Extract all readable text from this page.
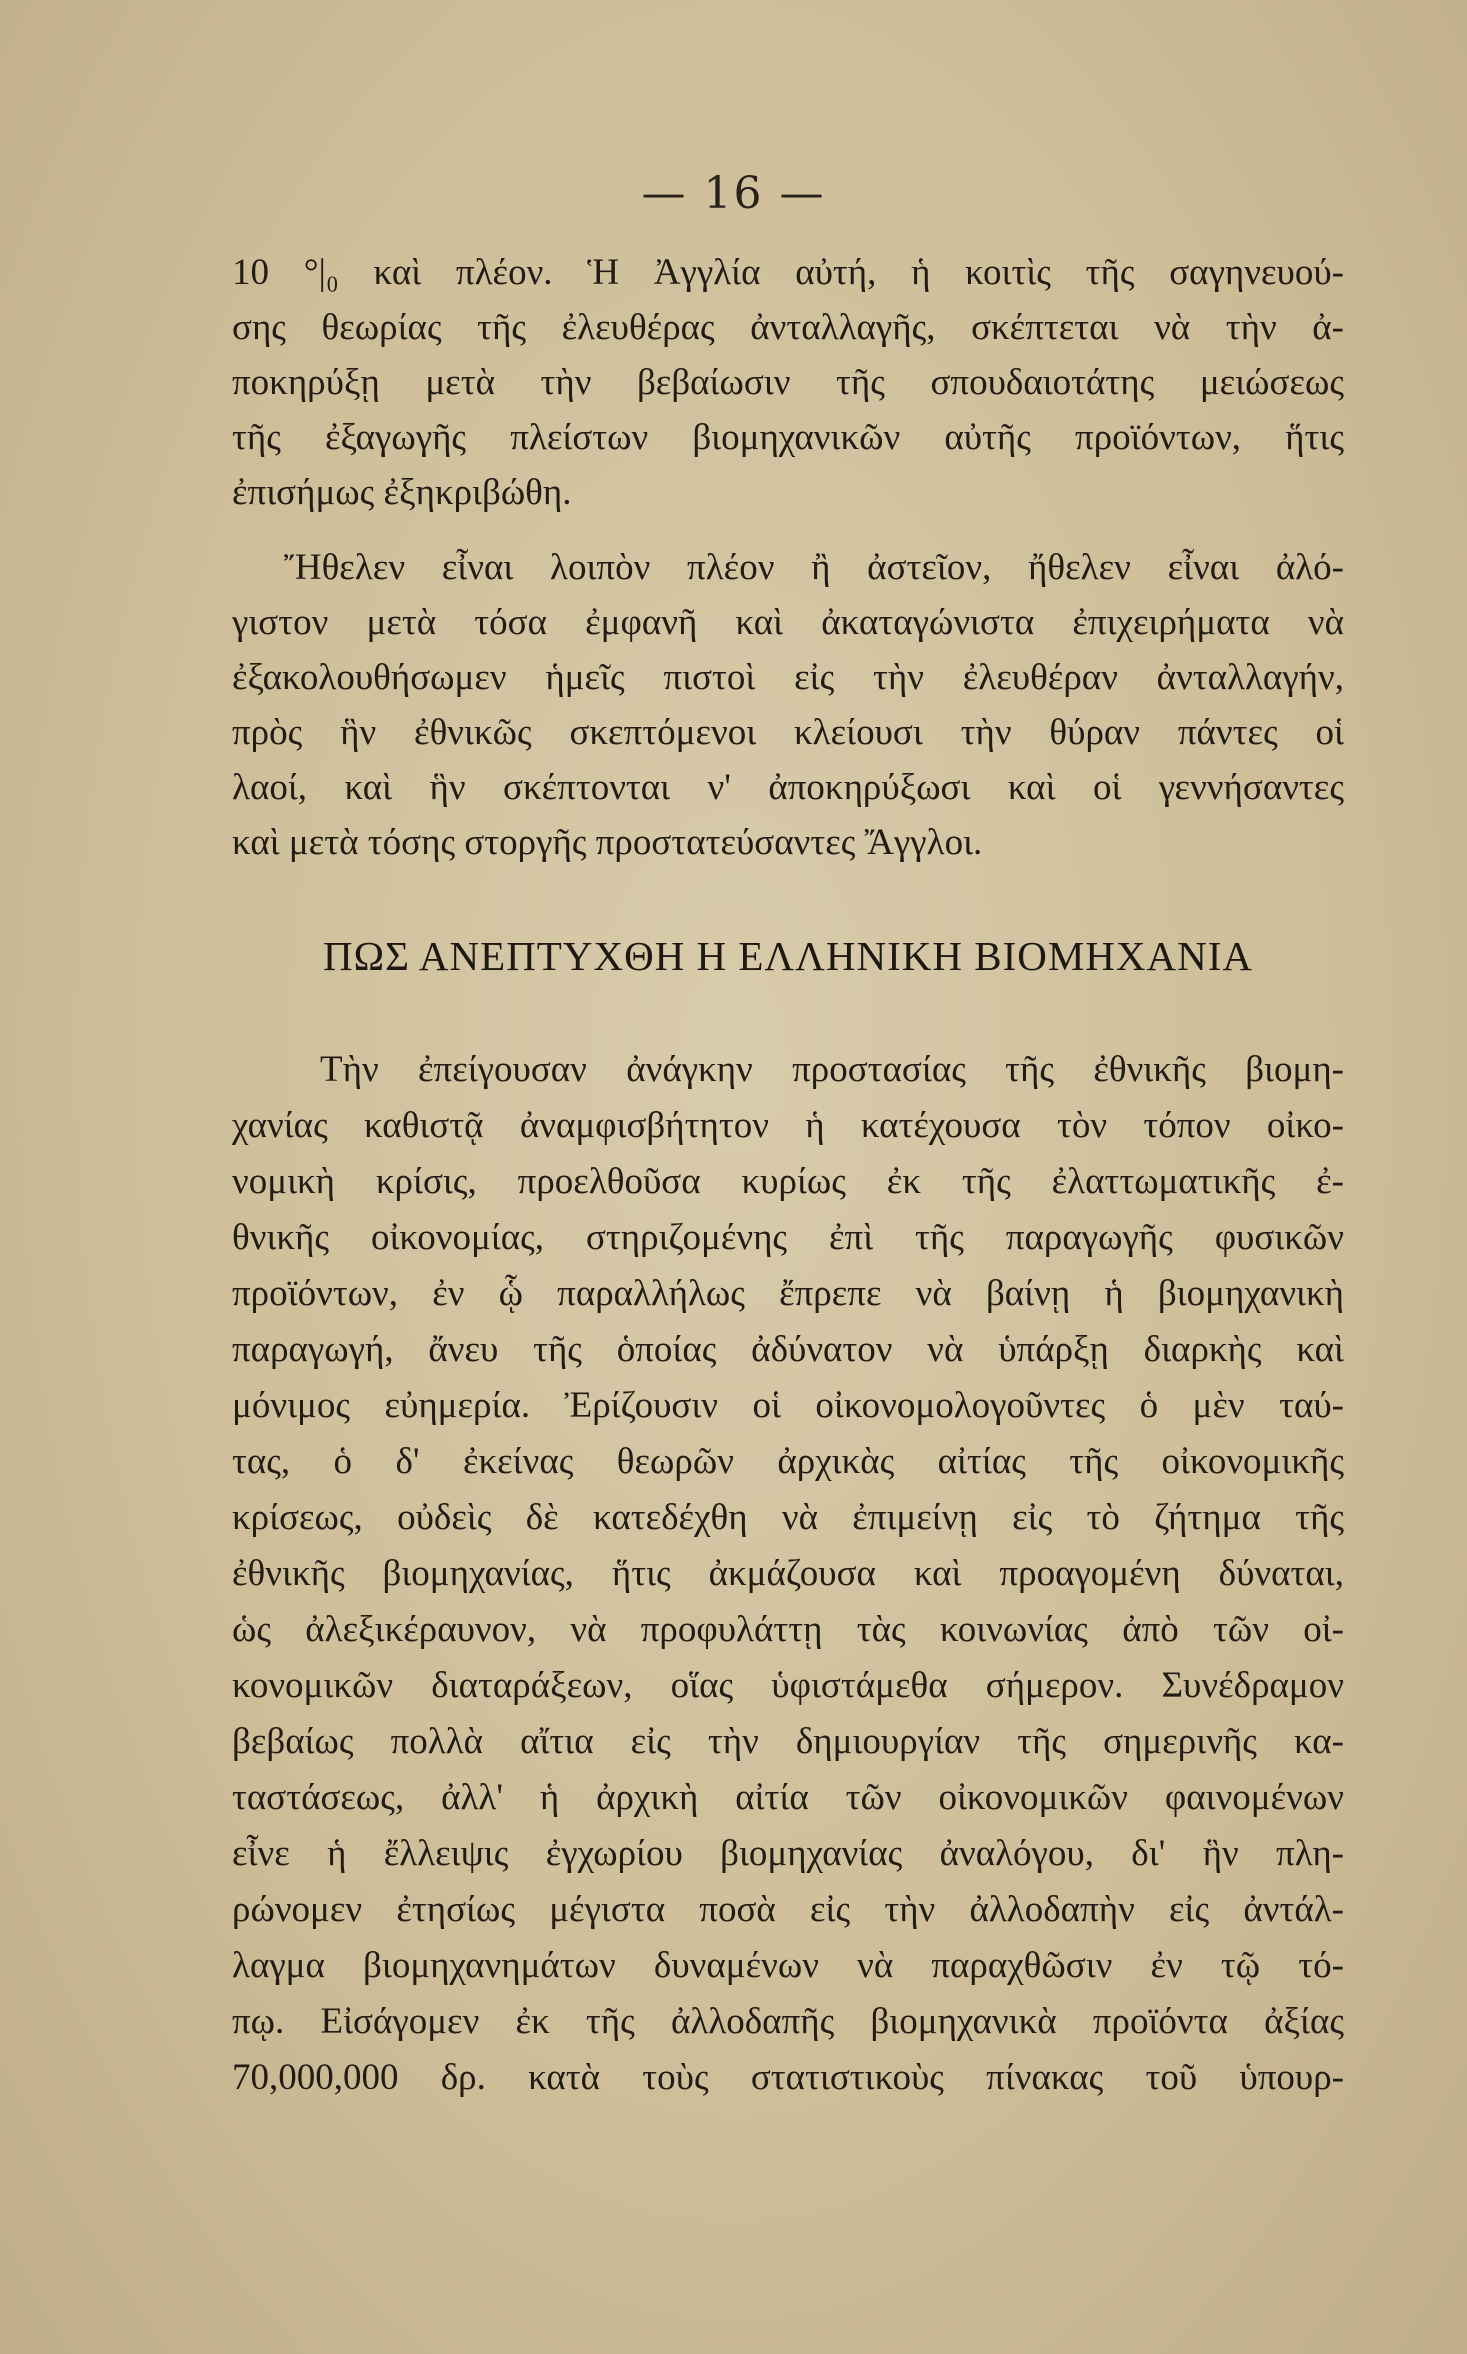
— 16 —
10 °|₀ καὶ πλέον. Ἡ Ἀγγλία αὐτή, ἡ κοιτὶς τῆς σαγηνευού-
σης θεωρίας τῆς ἐλευθέρας ἀνταλλαγῆς, σκέπτεται νὰ τὴν ἀ-
ποκηρύξῃ μετὰ τὴν βεβαίωσιν τῆς σπουδαιοτάτης μειώσεως
τῆς ἐξαγωγῆς πλείστων βιομηχανικῶν αὐτῆς προϊόντων, ἥτις
ἐπισήμως ἐξηκριβώθη.
Ἤθελεν εἶναι λοιπὸν πλέον ἢ ἀστεῖον, ἤθελεν εἶναι ἀλό-
γιστον μετὰ τόσα ἐμφανῆ καὶ ἀκαταγώνιστα ἐπιχειρήματα νὰ
ἐξακολουθήσωμεν ἡμεῖς πιστοὶ εἰς τὴν ἐλευθέραν ἀνταλλαγήν,
πρὸς ἣν ἐθνικῶς σκεπτόμενοι κλείουσι τὴν θύραν πάντες οἱ
λαοί, καὶ ἣν σκέπτονται ν' ἀποκηρύξωσι καὶ οἱ γεννήσαντες
καὶ μετὰ τόσης στοργῆς προστατεύσαντες Ἄγγλοι.
ΠΩΣ ΑΝΕΠΤΥΧΘΗ Η ΕΛΛΗΝΙΚΗ ΒΙΟΜΗΧΑΝΙΑ
Τὴν ἐπείγουσαν ἀνάγκην προστασίας τῆς ἐθνικῆς βιομη-
χανίας καθιστᾷ ἀναμφισβήτητον ἡ κατέχουσα τὸν τόπον οἰκο-
νομικὴ κρίσις, προελθοῦσα κυρίως ἐκ τῆς ἐλαττωματικῆς ἐ-
θνικῆς οἰκονομίας, στηριζομένης ἐπὶ τῆς παραγωγῆς φυσικῶν
προϊόντων, ἐν ᾧ παραλλήλως ἔπρεπε νὰ βαίνῃ ἡ βιομηχανικὴ
παραγωγή, ἄνευ τῆς ὁποίας ἀδύνατον νὰ ὑπάρξῃ διαρκὴς καὶ
μόνιμος εὐημερία. Ἐρίζουσιν οἱ οἰκονομολογοῦντες ὁ μὲν ταύ-
τας, ὁ δ' ἐκείνας θεωρῶν ἀρχικὰς αἰτίας τῆς οἰκονομικῆς
κρίσεως, οὐδεὶς δὲ κατεδέχθη νὰ ἐπιμείνῃ εἰς τὸ ζήτημα τῆς
ἐθνικῆς βιομηχανίας, ἥτις ἀκμάζουσα καὶ προαγομένη δύναται,
ὡς ἀλεξικέραυνον, νὰ προφυλάττῃ τὰς κοινωνίας ἀπὸ τῶν οἰ-
κονομικῶν διαταράξεων, οἵας ὑφιστάμεθα σήμερον. Συνέδραμον
βεβαίως πολλὰ αἴτια εἰς τὴν δημιουργίαν τῆς σημερινῆς κα-
ταστάσεως, ἀλλ' ἡ ἀρχικὴ αἰτία τῶν οἰκονομικῶν φαινομένων
εἶνε ἡ ἔλλειψις ἐγχωρίου βιομηχανίας ἀναλόγου, δι' ἣν πλη-
ρώνομεν ἐτησίως μέγιστα ποσὰ εἰς τὴν ἀλλοδαπὴν εἰς ἀντάλ-
λαγμα βιομηχανημάτων δυναμένων νὰ παραχθῶσιν ἐν τῷ τό-
πῳ. Εἰσάγομεν ἐκ τῆς ἀλλοδαπῆς βιομηχανικὰ προϊόντα ἀξίας
70,000,000 δρ. κατὰ τοὺς στατιστικοὺς πίνακας τοῦ ὑπουρ-
